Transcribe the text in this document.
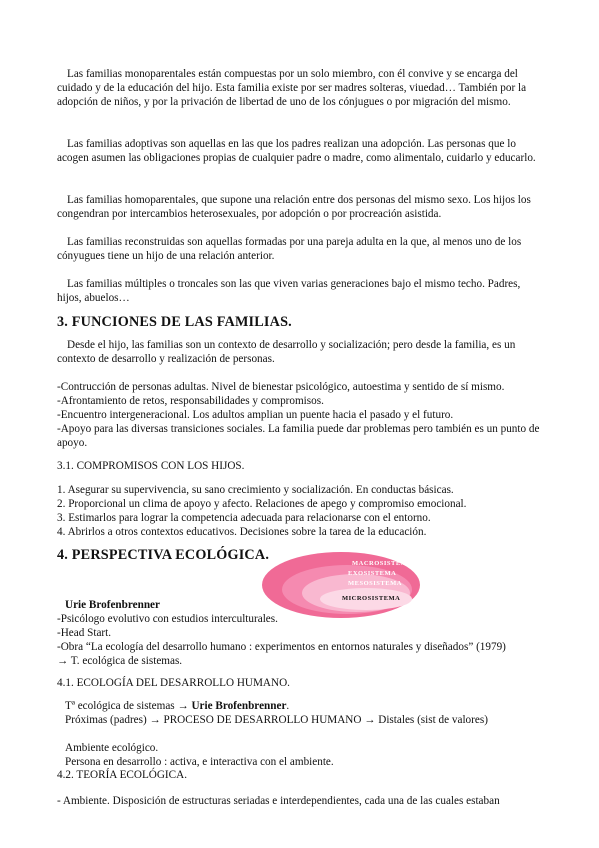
Las familias monoparentales están compuestas por un solo miembro, con él convive y se encarga del cuidado y de la educación del hijo. Esta familia existe por ser madres solteras, viuedad… También por la adopción de niños, y por la privación de libertad de uno de los cónjugues o por migración del mismo.

Las familias adoptivas son aquellas en las que los padres realizan una adopción. Las personas que lo acogen asumen las obligaciones propias de cualquier padre o madre, como alimentalo, cuidarlo y educarlo.

Las familias homoparentales, que supone una relación entre dos personas del mismo sexo. Los hijos los congendran por intercambios heterosexuales, por adopción o por procreación asistida.

Las familias reconstruidas son aquellas formadas por una pareja adulta en la que, al menos uno de los cónyugues tiene un hijo de una relación anterior.

Las familias múltiples o troncales son las que viven varias generaciones bajo el mismo techo. Padres, hijos, abuelos…

3. FUNCIONES DE LAS FAMILIAS.

Desde el hijo, las familias son un contexto de desarrollo y socialización; pero desde la familia, es un contexto de desarrollo y realización de personas.

-Contrucción de personas adultas. Nivel de bienestar psicológico, autoestima y sentido de sí mismo.

-Afrontamiento de retos, responsabilidades y compromisos.

-Encuentro intergeneracional. Los adultos amplian un puente hacia el pasado y el futuro.

-Apoyo para las diversas transiciones sociales. La familia puede dar problemas pero también es un punto de apoyo.

3.1. COMPROMISOS CON LOS HIJOS.

1. Asegurar su supervivencia, su sano crecimiento y socialización. En conductas básicas.

2. Proporcional un clima de apoyo y afecto. Relaciones de apego y compromiso emocional.

3. Estimarlos para lograr la competencia adecuada para relacionarse con el entorno.

4. Abrirlos a otros contextos educativos. Decisiones sobre la tarea de la educación.

4. PERSPECTIVA ECOLÓGICA.
MACROSISTEMA
EXOSISTEMA
MESOSISTEMA
MICROSISTEMA

Urie Brofenbrenner

-Psicólogo evolutivo con estudios interculturales.

-Head Start.

-Obra “La ecología del desarrollo humano : experimentos en entornos naturales y diseñados” (1979)

→ T. ecológica de sistemas.

4.1. ECOLOGÍA DEL DESARROLLO HUMANO.

Tª ecológica de sistemas → Urie Brofenbrenner.

Próximas (padres) → PROCESO DE DESARROLLO HUMANO → Distales (sist de valores)

Ambiente ecológico.

Persona en desarrollo : activa, e interactiva con el ambiente.

4.2. TEORÍA ECOLÓGICA.

- Ambiente. Disposición de estructuras seriadas e interdependientes, cada una de las cuales estaban
